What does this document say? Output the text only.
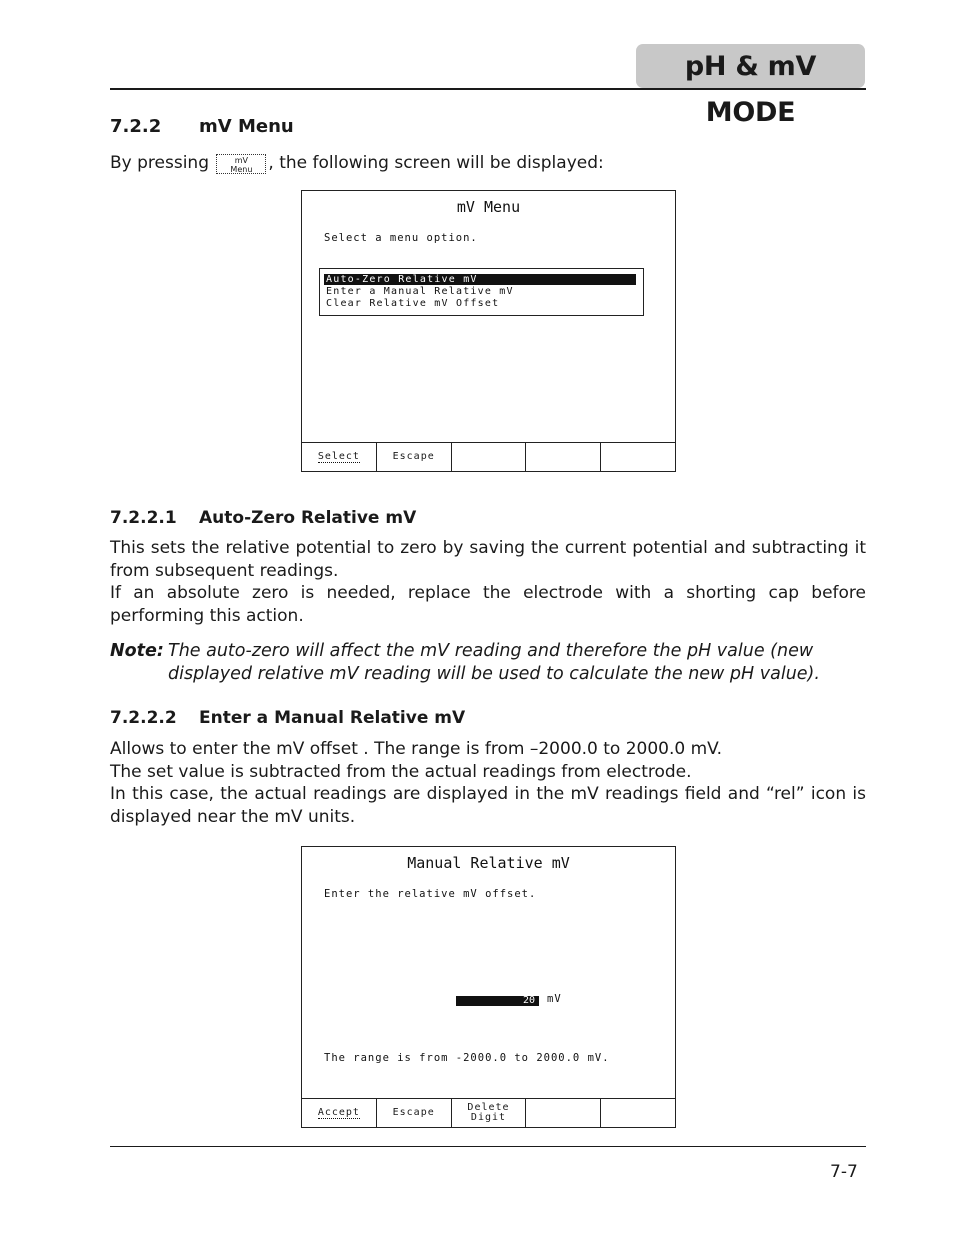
pH & mV MODE
7.2.2 mV Menu
By pressing	mV
Menu , the following screen will be displayed:
mV Menu
Select a menu option.
Auto-Zero Relative mV
Enter a Manual Relative mV
Clear Relative mV Offset
Select	Escape
7.2.2.1 Auto-Zero Relative mV

This sets the relative potential to zero by saving the current potential and subtracting it from subsequent readings.

If an absolute zero is needed, replace the electrode with a shorting cap before performing this action.

Note: The auto-zero will affect the mV reading and therefore the pH value (new displayed relative mV reading will be used to calculate the new pH value).
7.2.2.2 Enter a Manual Relative mV

Allows to enter the mV offset . The range is from –2000.0 to 2000.0 mV.

The set value is subtracted from the actual readings from electrode.

In this case, the actual readings are displayed in the mV readings field and “rel” icon is displayed near the mV units.

Manual Relative mV
Enter the relative mV offset.
20	mV
The range is from -2000.0 to 2000.0 mV.
Accept	Escape	Delete
Digit
7-7
